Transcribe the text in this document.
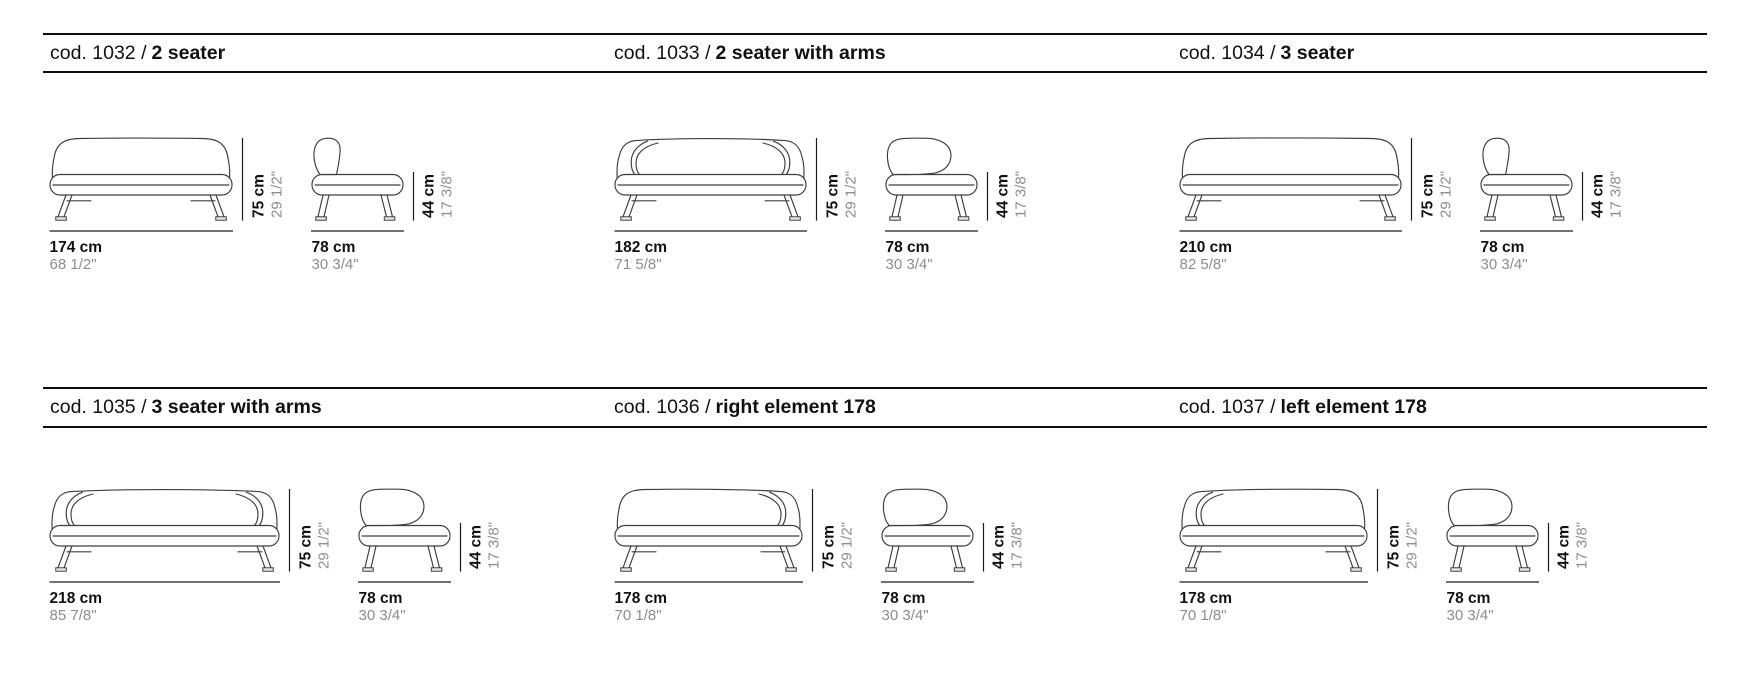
cod. 1032 / 2 seater	cod. 1033 / 2 seater with arms	cod. 1034 / 3 seater
cod. 1035 / 3 seater with arms	cod. 1036 / right element 178	cod. 1037 / left element 178
75 cm 29 1/2"
174 cm
68 1/2"
44 cm 17 3/8"
78 cm
30 3/4"
75 cm 29 1/2"
182 cm
71 5/8"
44 cm 17 3/8"
78 cm
30 3/4"
75 cm 29 1/2"
210 cm
82 5/8"
44 cm 17 3/8"
78 cm
30 3/4"
75 cm 29 1/2"
218 cm
85 7/8"
44 cm 17 3/8"
78 cm
30 3/4"
75 cm 29 1/2"
178 cm
70 1/8"
44 cm 17 3/8"
78 cm
30 3/4"
75 cm 29 1/2"
178 cm
70 1/8"
44 cm 17 3/8"
78 cm
30 3/4"
